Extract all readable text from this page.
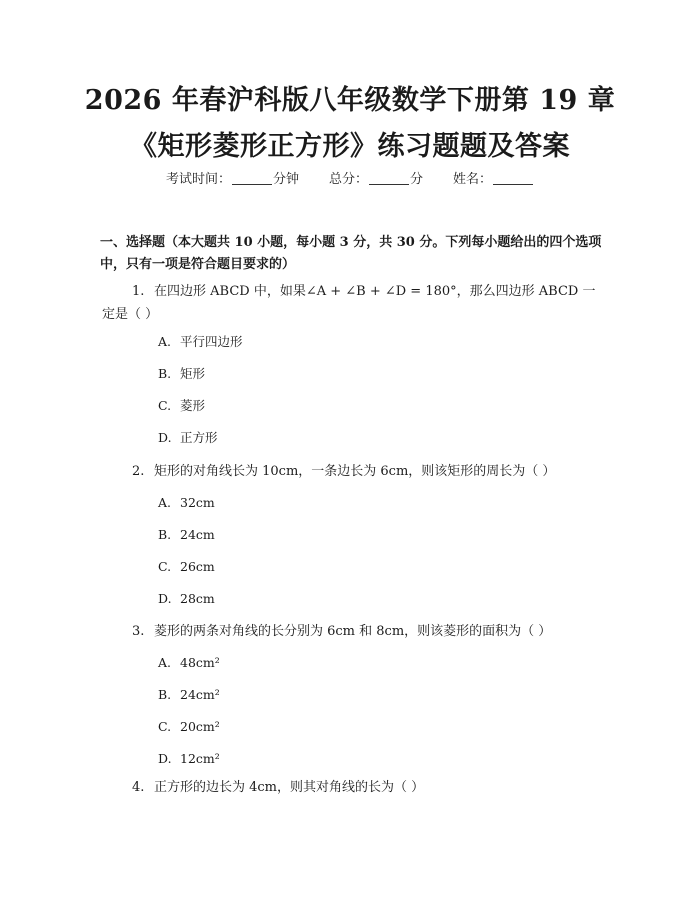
2026 年春沪科版八年级数学下册第 19 章
《矩形菱形正方形》练习题题及答案
考试时间：	分钟 总分：	分 姓名：
一、选择题（本大题共 10 小题，每小题 3 分，共 30 分。下列每小题给出的四个选项中，只有一项是符合题目要求的）
1. 在四边形 ABCD 中，如果∠A + ∠B + ∠D = 180°，那么四边形 ABCD 一定是（ ）
A. 平行四边形
B. 矩形
C. 菱形
D. 正方形
2. 矩形的对角线长为 10cm，一条边长为 6cm，则该矩形的周长为（ ）
A. 32cm
B. 24cm
C. 26cm
D. 28cm
3. 菱形的两条对角线的长分别为 6cm 和 8cm，则该菱形的面积为（ ）
A. 48cm²
B. 24cm²
C. 20cm²
D. 12cm²
4. 正方形的边长为 4cm，则其对角线的长为（ ）
